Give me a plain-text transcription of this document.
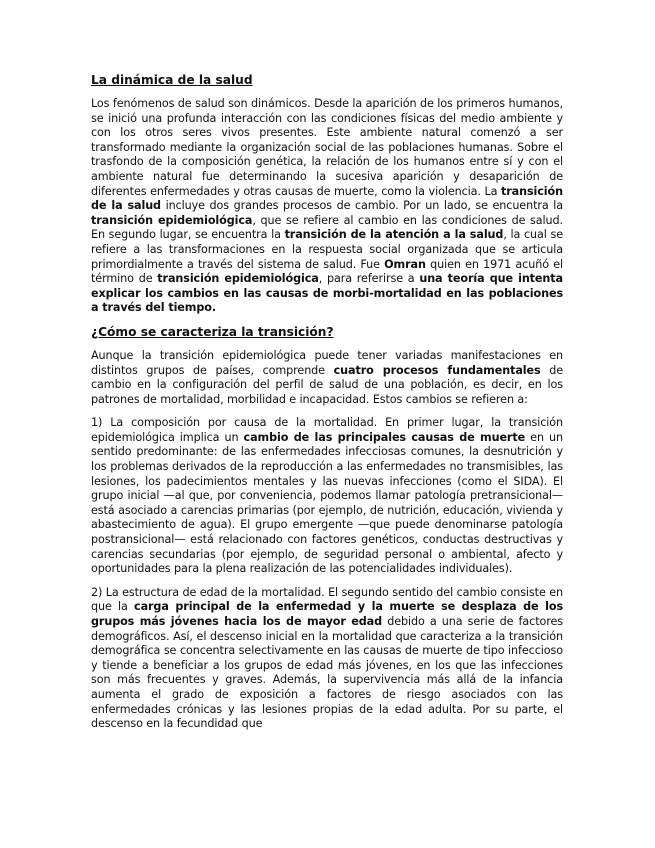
La dinámica de la salud

Los fenómenos de salud son dinámicos. Desde la aparición de los primeros humanos, se inició una profunda interacción con las condiciones físicas del medio ambiente y con los otros seres vivos presentes. Este ambiente natural comenzó a ser transformado mediante la organización social de las poblaciones humanas. Sobre el trasfondo de la composición genética, la relación de los humanos entre sí y con el ambiente natural fue determinando la sucesiva aparición y desaparición de diferentes enfermedades y otras causas de muerte, como la violencia. La transición de la salud incluye dos grandes procesos de cambio. Por un lado, se encuentra la transición epidemiológica, que se refiere al cambio en las condiciones de salud. En segundo lugar, se encuentra la transición de la atención a la salud, la cual se refiere a las transformaciones en la respuesta social organizada que se articula primordialmente a través del sistema de salud. Fue Omran quien en 1971 acuñó el término de transición epidemiológica, para referirse a una teoría que intenta explicar los cambios en las causas de morbi-mortalidad en las poblaciones a través del tiempo.

¿Cómo se caracteriza la transición?

Aunque la transición epidemiológica puede tener variadas manifestaciones en distintos grupos de países, comprende cuatro procesos fundamentales de cambio en la configuración del perfil de salud de una población, es decir, en los patrones de mortalidad, morbilidad e incapacidad. Estos cambios se refieren a:

1) La composición por causa de la mortalidad. En primer lugar, la transición epidemiológica implica un cambio de las principales causas de muerte en un sentido predominante: de las enfermedades infecciosas comunes, la desnutrición y los problemas derivados de la reproducción a las enfermedades no transmisibles, las lesiones, los padecimientos mentales y las nuevas infecciones (como el SIDA). El grupo inicial —al que, por conveniencia, podemos llamar patología pretransicional— está asociado a carencias primarias (por ejemplo, de nutrición, educación, vivienda y abastecimiento de agua). El grupo emergente —que puede denominarse patología postransicional— está relacionado con factores genéticos, conductas destructivas y carencias secundarias (por ejemplo, de seguridad personal o ambiental, afecto y oportunidades para la plena realización de las potencialidades individuales).

2) La estructura de edad de la mortalidad. El segundo sentido del cambio consiste en que la carga principal de la enfermedad y la muerte se desplaza de los grupos más jóvenes hacia los de mayor edad debido a una serie de factores demográficos. Así, el descenso inicial en la mortalidad que caracteriza a la transición demográfica se concentra selectivamente en las causas de muerte de tipo infeccioso y tiende a beneficiar a los grupos de edad más jóvenes, en los que las infecciones son más frecuentes y graves. Además, la supervivencia más allá de la infancia aumenta el grado de exposición a factores de riesgo asociados con las enfermedades crónicas y las lesiones propias de la edad adulta. Por su parte, el descenso en la fecundidad que
